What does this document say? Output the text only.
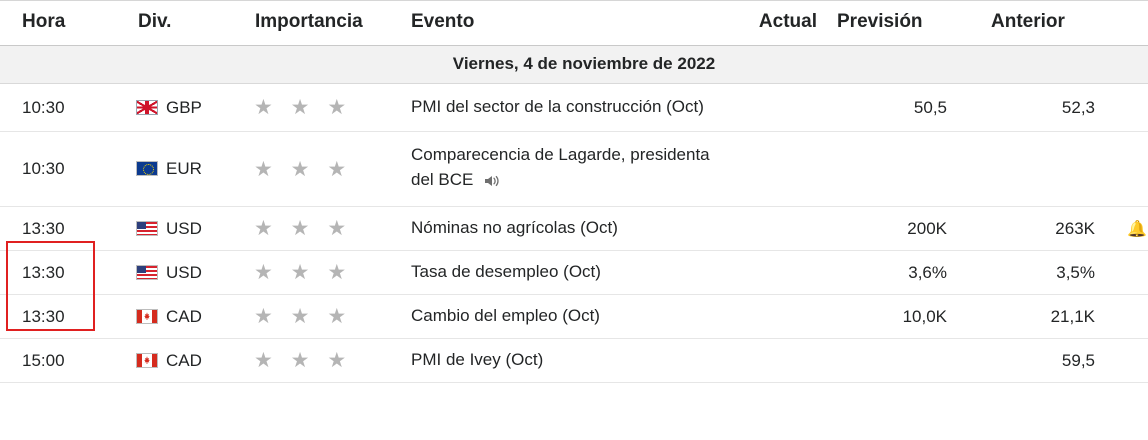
Hora	Div.	Importancia	Evento	Actual	Previsión	Anterior	
Viernes, 4 de noviembre de 2022							
10:30	GBP	★ ★ ★	PMI del sector de la construcción (Oct)		50,5	52,3	
10:30	EUR	★ ★ ★	Comparecencia de Lagarde, presidenta del BCE				
13:30	USD	★ ★ ★	Nóminas no agrícolas (Oct)		200K	263K	🔔
13:30	USD	★ ★ ★	Tasa de desempleo (Oct)		3,6%	3,5%	
13:30	CAD	★ ★ ★	Cambio del empleo (Oct)		10,0K	21,1K	
15:00	CAD	★ ★ ★	PMI de Ivey (Oct)			59,5	
